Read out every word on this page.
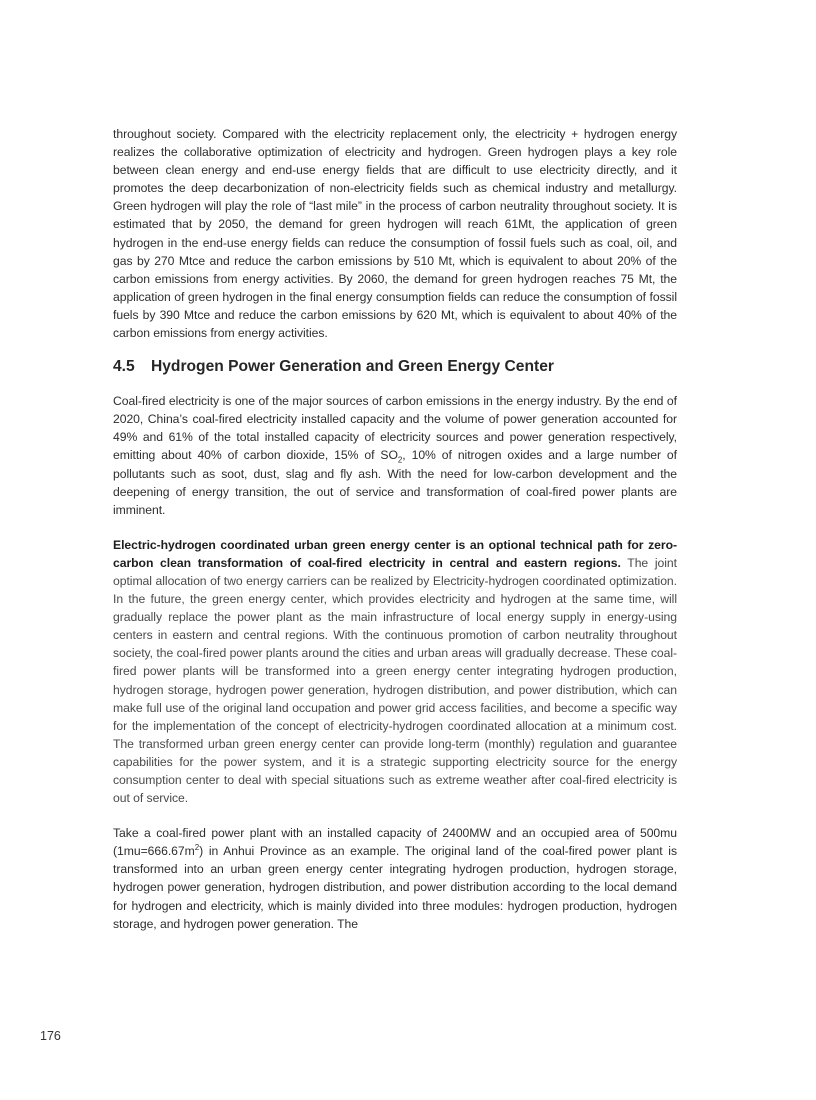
throughout society. Compared with the electricity replacement only, the electricity + hydrogen energy realizes the collaborative optimization of electricity and hydrogen. Green hydrogen plays a key role between clean energy and end-use energy fields that are difficult to use electricity directly, and it promotes the deep decarbonization of non-electricity fields such as chemical industry and metallurgy. Green hydrogen will play the role of “last mile” in the process of carbon neutrality throughout society. It is estimated that by 2050, the demand for green hydrogen will reach 61Mt, the application of green hydrogen in the end-use energy fields can reduce the consumption of fossil fuels such as coal, oil, and gas by 270 Mtce and reduce the carbon emissions by 510 Mt, which is equivalent to about 20% of the carbon emissions from energy activities. By 2060, the demand for green hydrogen reaches 75 Mt, the application of green hydrogen in the final energy consumption fields can reduce the consumption of fossil fuels by 390 Mtce and reduce the carbon emissions by 620 Mt, which is equivalent to about 40% of the carbon emissions from energy activities.

4.5	Hydrogen Power Generation and Green Energy Center

Coal-fired electricity is one of the major sources of carbon emissions in the energy industry. By the end of 2020, China’s coal-fired electricity installed capacity and the volume of power generation accounted for 49% and 61% of the total installed capacity of electricity sources and power generation respectively, emitting about 40% of carbon dioxide, 15% of $SO_2$, 10% of nitrogen oxides and a large number of pollutants such as soot, dust, slag and fly ash. With the need for low-carbon development and the deepening of energy transition, the out of service and transformation of coal-fired power plants are imminent.

Electric-hydrogen coordinated urban green energy center is an optional technical path for zero-carbon clean transformation of coal-fired electricity in central and eastern regions. The joint optimal allocation of two energy carriers can be realized by Electricity-hydrogen coordinated optimization. In the future, the green energy center, which provides electricity and hydrogen at the same time, will gradually replace the power plant as the main infrastructure of local energy supply in energy-using centers in eastern and central regions. With the continuous promotion of carbon neutrality throughout society, the coal-fired power plants around the cities and urban areas will gradually decrease. These coal-fired power plants will be transformed into a green energy center integrating hydrogen production, hydrogen storage, hydrogen power generation, hydrogen distribution, and power distribution, which can make full use of the original land occupation and power grid access facilities, and become a specific way for the implementation of the concept of electricity-hydrogen coordinated allocation at a minimum cost. The transformed urban green energy center can provide long-term (monthly) regulation and guarantee capabilities for the power system, and it is a strategic supporting electricity source for the energy consumption center to deal with special situations such as extreme weather after coal-fired electricity is out of service.

Take a coal-fired power plant with an installed capacity of 2400MW and an occupied area of 500mu $(1mu=666.67m^2)$ in Anhui Province as an example. The original land of the coal-fired power plant is transformed into an urban green energy center integrating hydrogen production, hydrogen storage, hydrogen power generation, hydrogen distribution, and power distribution according to the local demand for hydrogen and electricity, which is mainly divided into three modules: hydrogen production, hydrogen storage, and hydrogen power generation. The

176
